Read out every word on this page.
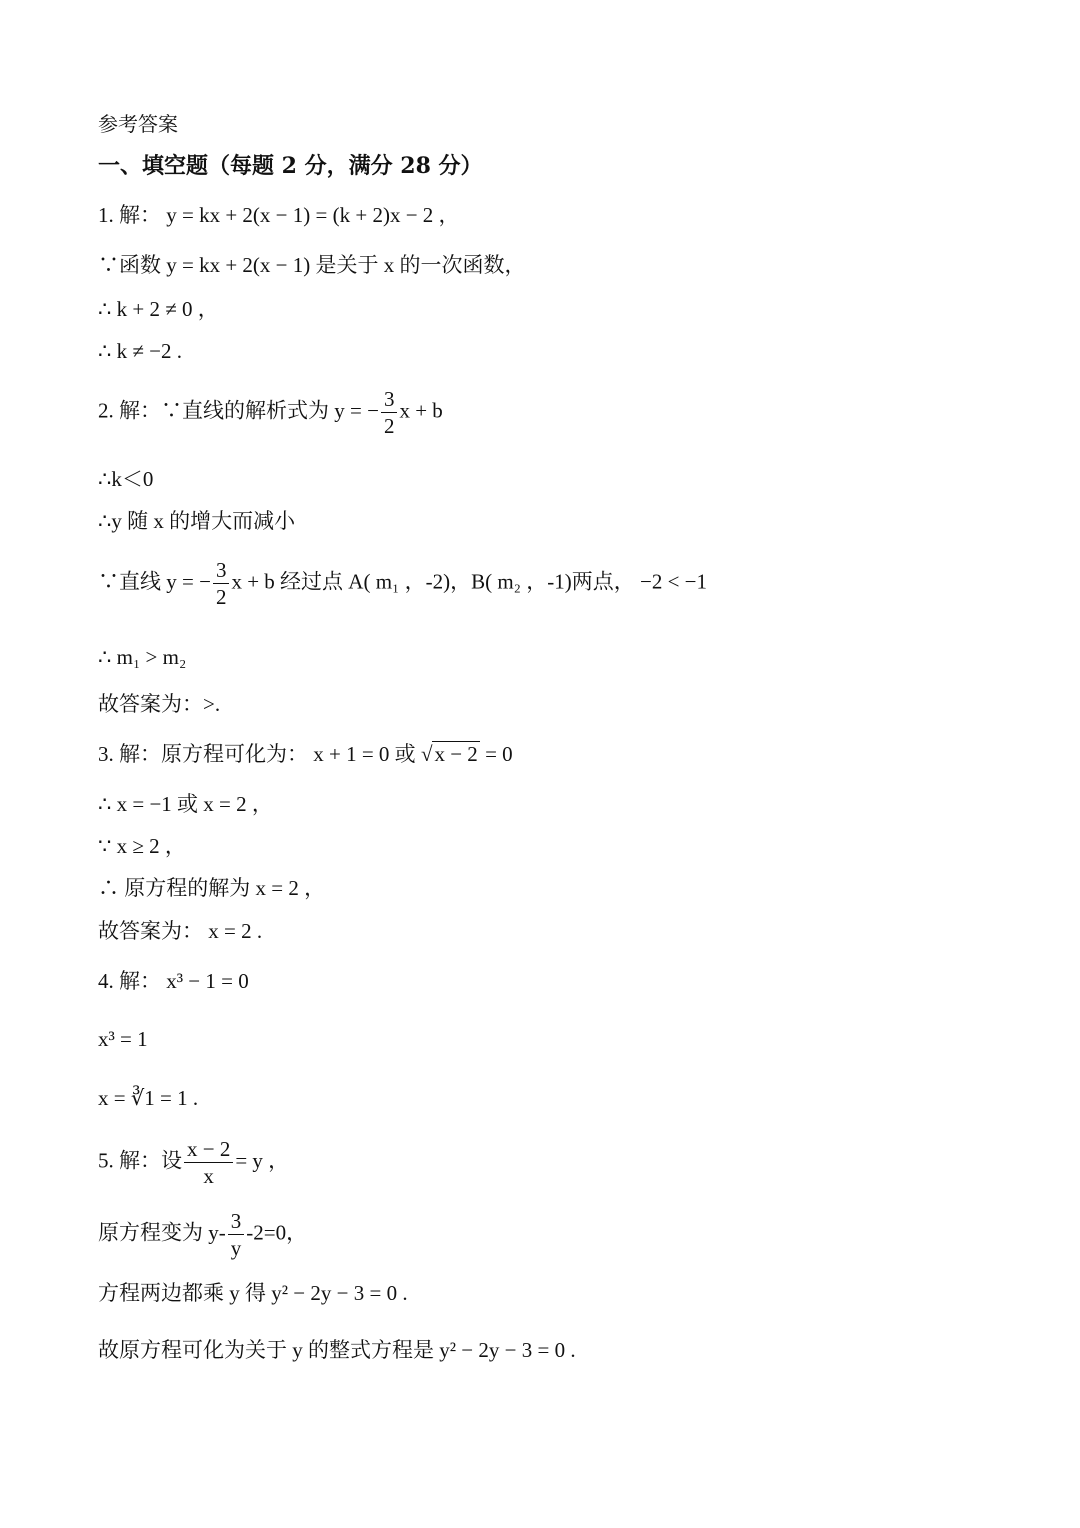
参考答案
一、填空题（每题 2 分，满分 28 分）
1. 解： y = kx + 2(x − 1) = (k + 2)x − 2 ，
∵函数 y = kx + 2(x − 1) 是关于 x 的一次函数，
∴ k + 2 ≠ 0 ，
∴ k ≠ −2 .
2. 解：∵直线的解析式为 y = − $\frac{3}{2}$ x + b
∴k＜0
∴y 随 x 的增大而减小
∵直线 y = − $\frac{3}{2}$ x + b 经过点 A( m₁ ，-2)，B( m₂ ，-1)两点， −2 < −1
∴ m₁ > m₂
故答案为：>.
3. 解：原方程可化为： x + 1 = 0 或 √x − 2 = 0
∴ x = −1 或 x = 2 ，
∵ x ≥ 2 ，
∴ 原方程的解为 x = 2 ，
故答案为： x = 2 .
4. 解： x³ − 1 = 0
x³ = 1
x = ∛1 = 1 .
5. 解：设 $\frac{x - 2}{x} = y$ ，
原方程变为 $y- \frac{3}{y} -2=0$，
方程两边都乘 y 得 y² − 2y − 3 = 0 .
故原方程可化为关于 y 的整式方程是 y² − 2y − 3 = 0 .
